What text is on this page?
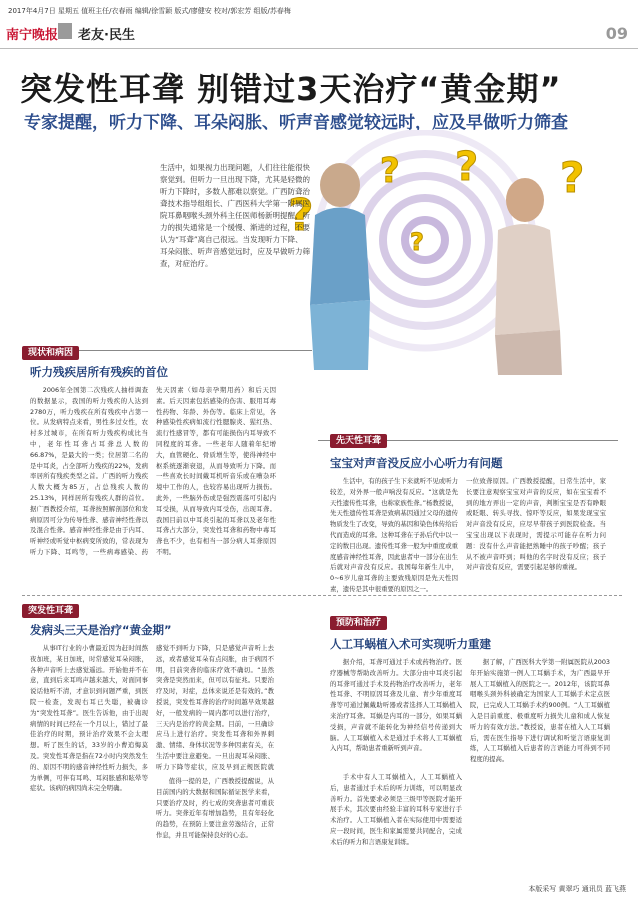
2017年4月7日 星期五 值班主任/衣春雨 编辑/徐雪颖 版式/廖健安 校对/郭宏芳 组版/苏春梅
南宁晚报 老友·民生	09
突发性耳聋 别错过3天治疗“黄金期”
专家提醒，听力下降、耳朵闷胀、听声音感觉较远时，应及早做听力筛查
?
? ? ?
?
生活中，如果视力出现问题，人们往往能很快察觉到。但听力一旦出现下降，尤其是轻微的听力下降时，多数人都难以察觉。广西防聋治聋技术指导组组长、广西医科大学第一附属医院耳鼻咽喉头颈外科主任医师杨新明提醒，听力的损失通常是一个缓慢、渐进的过程，不要认为“耳聋”离自己很远。当发现听力下降、耳朵闷胀、听声音感觉远时，应及早做听力筛查，对症治疗。
现状和病因
听力残疾居所有残疾的首位
2006年全国第二次残疾人抽样调查的数据显示，我国的听力残疾的人达到2780万，听力残疾在所有残疾中占第一位。从发病特点来看，男性多过女性，农村多过城市，在所有听力残疾构成比当中，老年性耳聋占耳聋总人数的66.87%，是最大的一类；位居第二名的是中耳炎，占全部听力残疾的22%，发病率居所有残疾类型之首。广西的听力残疾人数大概为85万，占总残疾人数的25.13%，同样居所有残疾人群的首位。据广西教授介绍，耳聋按照解剖部位和发病原因可分为传导性聋、感音神经性聋以及混合性聋。感音神经性聋是由于内耳、听神经或听觉中枢病变所致的，常表现为听力下降、耳鸣等，一些病毒感染、药
先天因素（如母亲孕期用药）和后天因素。后天因素包括感染的伤害、服用耳毒性药物、年龄、外伤等。临床上常见，各种感染性疾病如流行性腮腺炎、猩红热、流行性感冒等，都有可能损伤内耳导致不同程度的耳聋。一些老年人随着年纪增大，血管硬化、骨质增生等，使得神经中枢系统逐渐衰退，从而导致听力下降。而一些喜欢长时间戴耳机听音乐或在嘈杂环境中工作的人，也较容易出现听力损伤。此外，一些脑外伤或是强烈震荡可引起内耳受损，从而导致内耳受伤，出现耳聋。我国目前以中耳炎引起的耳聋以及老年性耳聋占大部分，突发性耳聋和药物中毒耳聋也不少，也有相当一部分病人耳聋原因不明。
先天性耳聋
宝宝对声音没反应小心听力有问题
生活中，有的孩子生下来就听不见或听力较差，对外界一般声响没有反应。“这就是先天性遗传性耳聋，也称家族性聋。”杨教授说，先天性遗传性耳聋是致病基因通过父母的遗传物质发生了改变，导致的基因和染色体传给后代而造成的耳聋。这种耳聋在子孙后代中以一定的数目出现。遗传性耳聋一般为中重度或重度感音神经性耳聋，因此患者中一部分在出生后就对声音没有反应。我国每年新生儿中，0~6岁儿童耳聋的主要致残原因是先天性因素，遗传是其中很重要的原因之一。
一位致聋原因。广西教授提醒，日常生活中，家长要注意观察宝宝对声音的反应，如在宝宝看不到的地方弄出一定的声音，判断宝宝是否有睁眼或眨眼、转头寻找、惊吓等反应，如果发现宝宝对声音没有反应，应尽早带孩子到医院检查。当宝宝出现以下表现时，需提示可能存在听力问题：没有什么声音能把熟睡中的孩子吵醒；孩子从不被声音吓到；叫他的名字时没有反应；孩子对声音没有反应，需要引起足够的重视。
突发性耳聋
发病头三天是治疗“黄金期”
从事IT行业的小曹最近因为赶时间熬夜加班，某日加班，时常感觉耳朵闷胀，各种声音听上去感觉遥远。开始他并不在意，直到后来耳鸣声越来越大，对面同事说话他听不清，才意识到问题严重，到医院一检查，发现右耳已失聪，被确诊为“突发性耳聋”。医生告诉他，由于出现病情的时间已经在一个月以上，错过了最佳治疗的时期，预计治疗效果不会太理想。听了医生的话，33岁的小曹追悔莫及。突发性耳聋是指在72小时内突然发生的、原因不明的感音神经性听力损失，多为单侧，可伴有耳鸣、耳闷胀感和眩晕等症状。该病的病因尚未完全明确。
感觉不到听力下降，只是感觉声音听上去远，或者感觉耳朵有点闷胀，由于病因不明，目前突聋的临床疗效不确切。“虽然突聋是突然而来，但可以有征兆。只要治疗及时，对症，总体来说还是有效的。”教授说，突发性耳聋的治疗时间越早效果越好，一般发病的一周内都可以进行治疗，三天内是治疗的黄金期。目前，一旦确诊应马上进行治疗。突发性耳聋和外界刺激、情绪、身体状况等多种因素有关，在生活中要注意避免。一旦出现耳朵闷胀、听力下降等症状，应及早到正规医院就
值得一提的是，广西教授提醒说，从目前国内的大数据和国际循证医学来看，只要治疗及时，约七成的突聋患者可重获听力。突聋近年有增加趋势，且有年轻化的趋势，在预防上要注意劳逸结合，正常作息，并且可能保持良好的心态。
预防和治疗
人工耳蜗植入术可实现听力重建
据介绍，耳聋可通过手术或药物治疗。医疗器械等帮助改善听力。大部分由中耳炎引起的耳聋可通过手术及药物治疗改善听力，老年性耳聋、不明原因耳聋及儿童、青少年重度耳聋等可通过佩戴助听器或者选择人工耳蜗植入来治疗耳聋。耳蜗是内耳的一部分，如果耳蜗受损，声音就不能转化为神经信号传递到大脑。人工耳蜗植入术是通过手术将人工耳蜗植入内耳，帮助患者重新听到声音。
手术中有人工耳蜗植入，人工耳蜗植入后，患者通过手术后的听力训练，可以明显改善听力。首先要求必须是三级甲等医院才能开展手术，其次要由经验丰富的耳科专家进行手术治疗。人工耳蜗植入者在实际使用中需要适应一段时间，医生和家属需要共同配合，完成术后的听力和言语康复训练。
据了解，广西医科大学第一附属医院从2003年开始实施第一例人工耳蜗手术，为广西最早开展人工耳蜗植入的医院之一。2012年，该院耳鼻咽喉头颈外科被确定为国家人工耳蜗手术定点医院，已完成人工耳蜗手术约900例。“人工耳蜗植入是目前重度、极重度听力损失儿童和成人恢复听力的有效方法。”教授说，患者在植入人工耳蜗后，需在医生指导下进行调试和听觉言语康复训练，人工耳蜗植入后患者的言语能力可得到不同程度的提高。
本版采写 黄翠巧 通讯员 蓝飞燕
